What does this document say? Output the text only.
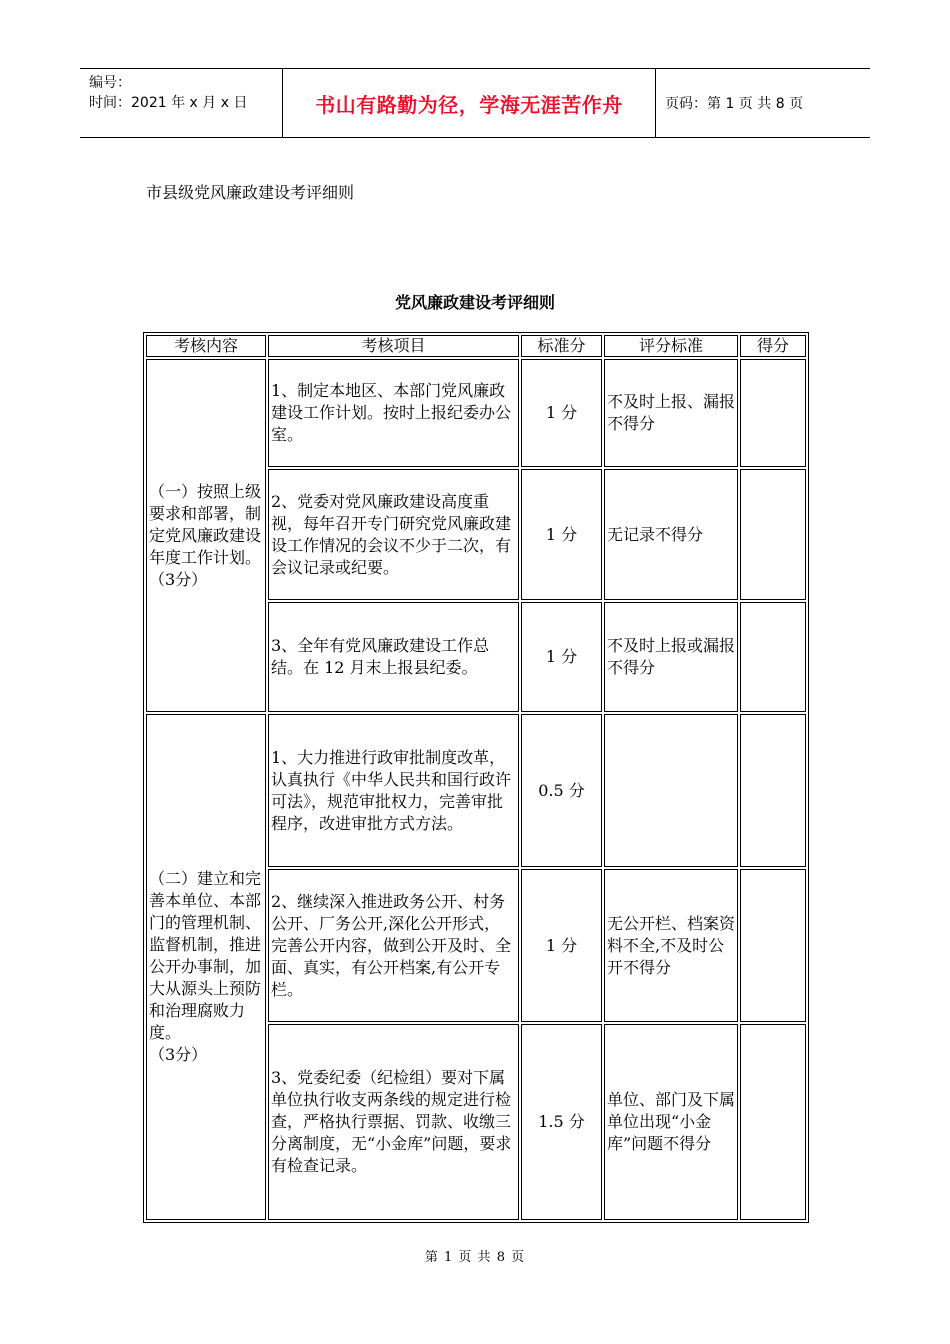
编号：
时间：2021 年 x 月 x 日	书山有路勤为径，学海无涯苦作舟	页码：第 1 页 共 8 页
市县级党风廉政建设考评细则
党风廉政建设考评细则
考核内容	考核项目	标准分	评分标准	得分
（一）按照上级要求和部署，制定党风廉政建设年度工作计划。
（3分）	1、制定本地区、本部门党风廉政建设工作计划。按时上报纪委办公室。	1 分	不及时上报、漏报不得分	
	2、党委对党风廉政建设高度重视，每年召开专门研究党风廉政建设工作情况的会议不少于二次，有会议记录或纪要。	1 分	无记录不得分	
	3、全年有党风廉政建设工作总结。在 12 月末上报县纪委。	1 分	不及时上报或漏报不得分	
（二）建立和完善本单位、本部门的管理机制、监督机制，推进公开办事制，加大从源头上预防和治理腐败力度。
（3分）	1、大力推进行政审批制度改革，认真执行《中华人民共和国行政许可法》，规范审批权力，完善审批程序，改进审批方式方法。	0.5 分		
	2、继续深入推进政务公开、村务公开、厂务公开,深化公开形式，完善公开内容，做到公开及时、全面、真实，有公开档案,有公开专栏。	1 分	无公开栏、档案资料不全,不及时公开不得分	
	3、党委纪委（纪检组）要对下属单位执行收支两条线的规定进行检查，严格执行票据、罚款、收缴三分离制度，无“小金库”问题，要求有检查记录。	1.5 分	单位、部门及下属单位出现“小金库”问题不得分	
第 1 页 共 8 页
